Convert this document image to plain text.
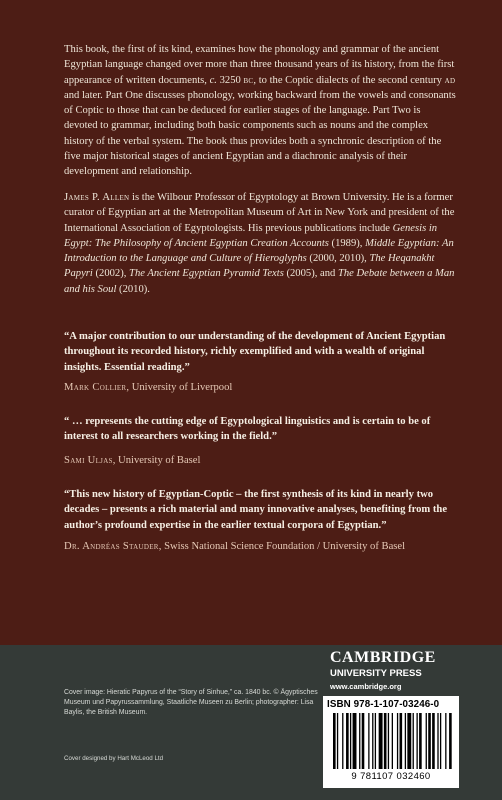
This book, the first of its kind, examines how the phonology and grammar of the ancient Egyptian language changed over more than three thousand years of its history, from the first appearance of written documents, c. 3250 bc, to the Coptic dialects of the second century ad and later. Part One discusses phonology, working backward from the vowels and consonants of Coptic to those that can be deduced for earlier stages of the language. Part Two is devoted to grammar, including both basic components such as nouns and the complex history of the verbal system. The book thus provides both a synchronic description of the five major historical stages of ancient Egyptian and a diachronic analysis of their development and relationship.
James P. Allen is the Wilbour Professor of Egyptology at Brown University. He is a former curator of Egyptian art at the Metropolitan Museum of Art in New York and president of the International Association of Egyptologists. His previous publications include Genesis in Egypt: The Philosophy of Ancient Egyptian Creation Accounts (1989), Middle Egyptian: An Introduction to the Language and Culture of Hieroglyphs (2000, 2010), The Heqanakht Papyri (2002), The Ancient Egyptian Pyramid Texts (2005), and The Debate between a Man and his Soul (2010).
“A major contribution to our understanding of the development of Ancient Egyptian throughout its recorded history, richly exemplified and with a wealth of original insights. Essential reading.”
Mark Collier, University of Liverpool
“ … represents the cutting edge of Egyptological linguistics and is certain to be of interest to all researchers working in the field.”
Sami Uljas, University of Basel
“This new history of Egyptian-Coptic – the first synthesis of its kind in nearly two decades – presents a rich material and many innovative analyses, benefiting from the author’s profound expertise in the earlier textual corpora of Egyptian.”
Dr. Andréas Stauder, Swiss National Science Foundation / University of Basel
Cover image: Hieratic Papyrus of the “Story of Sinhue,” ca. 1840 bc. © Ägyptisches Museum und Papyrussammlung, Staatliche Museen zu Berlin; photographer: Lisa Baylis, the British Museum.
Cover designed by Hart McLeod Ltd
CAMBRIDGE
UNIVERSITY PRESS
www.cambridge.org
ISBN 978-1-107-03246-0
9 781107 032460
